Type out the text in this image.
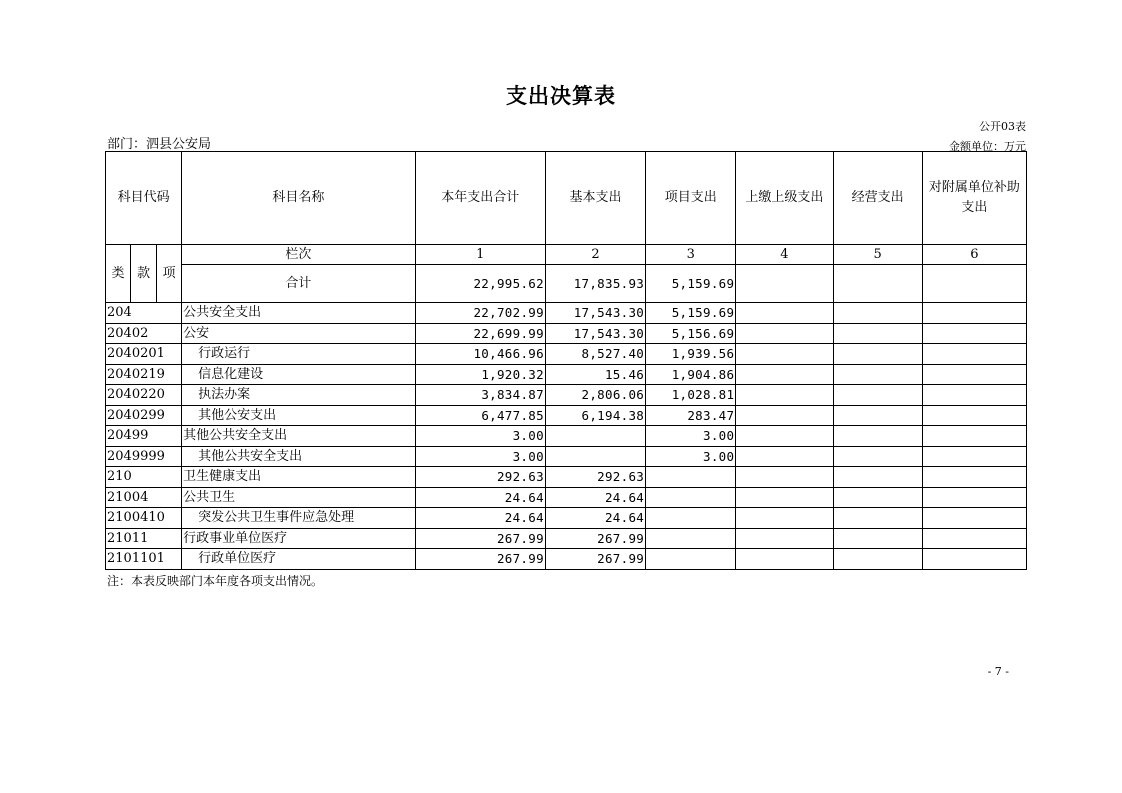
支出决算表
公开03表
金额单位：万元
部门：泗县公安局
科目代码			科目名称	本年支出合计	基本支出	项目支出	上缴上级支出	经营支出	对附属单位补助支出
类	款	项	栏次	1	2	3	4	5	6
			合计	22,995.62	17,835.93	5,159.69			
204			公共安全支出	22,702.99	17,543.30	5,159.69			
20402			公安	22,699.99	17,543.30	5,156.69			
2040201			行政运行	10,466.96	8,527.40	1,939.56			
2040219			信息化建设	1,920.32	15.46	1,904.86			
2040220			执法办案	3,834.87	2,806.06	1,028.81			
2040299			其他公安支出	6,477.85	6,194.38	283.47			
20499			其他公共安全支出	3.00		3.00			
2049999			其他公共安全支出	3.00		3.00			
210			卫生健康支出	292.63	292.63				
21004			公共卫生	24.64	24.64				
2100410			突发公共卫生事件应急处理	24.64	24.64				
21011			行政事业单位医疗	267.99	267.99				
2101101			行政单位医疗	267.99	267.99				
注：本表反映部门本年度各项支出情况。
- 7 -
